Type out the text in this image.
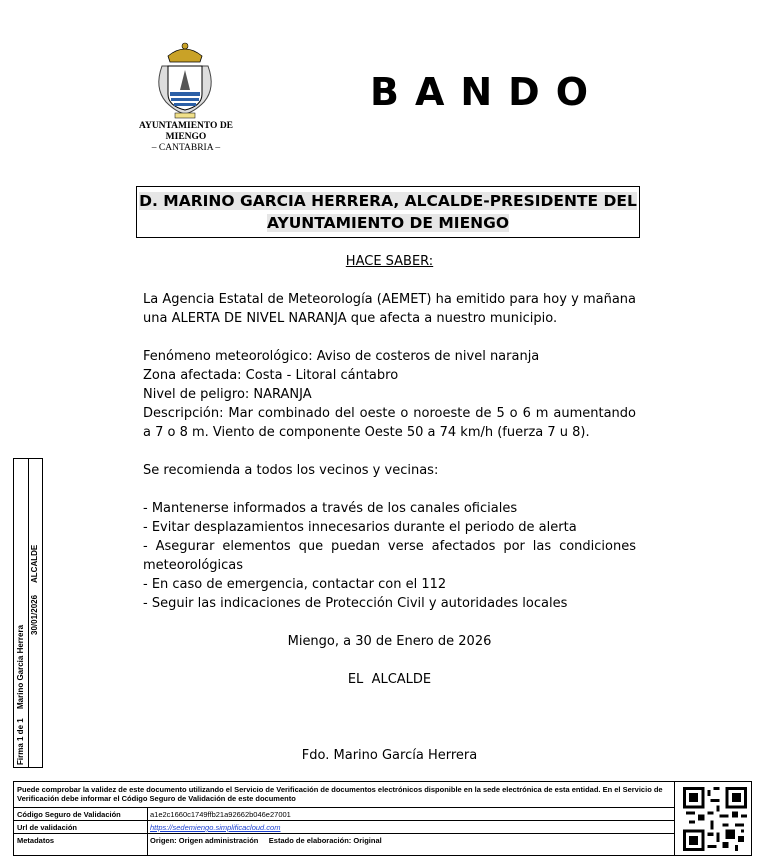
AYUNTAMIENTO DE MIENGO
– CANTABRIA –
BANDO
D. MARINO GARCIA HERRERA, ALCALDE-PRESIDENTE DEL
AYUNTAMIENTO DE MIENGO

HACE SABER:

La Agencia Estatal de Meteorología (AEMET) ha emitido para hoy y mañana una ALERTA DE NIVEL NARANJA que afecta a nuestro municipio.

Fenómeno meteorológico: Aviso de costeros de nivel naranja

Zona afectada: Costa - Litoral cántabro

Nivel de peligro: NARANJA

Descripción: Mar combinado del oeste o noroeste de 5 o 6 m aumentando a 7 o 8 m. Viento de componente Oeste 50 a 74 km/h (fuerza 7 u 8).

Se recomienda a todos los vecinos y vecinas:

- Mantenerse informados a través de los canales oficiales

- Evitar desplazamientos innecesarios durante el periodo de alerta

- Asegurar elementos que puedan verse afectados por las condiciones meteorológicas

- En caso de emergencia, contactar con el 112

- Seguir las indicaciones de Protección Civil y autoridades locales

Miengo, a 30 de Enero de 2026

EL  ALCALDE

Fdo. Marino García Herrera

Firma 1 de 1
Marino Garcia Herrera
30/01/2026
ALCALDE
Puede comprobar la validez de este documento utilizando el Servicio de Verificación de documentos electrónicos disponible en la sede electrónica de esta entidad. En el Servicio de Verificación debe informar el Código Seguro de Validación de este documento
Código Seguro de Validación	a1e2c1660c1749ffb21a92662b046e27001
Url de validación	https://sedemiengo.simplificacloud.com
Metadatos	Origen: Origen administración     Estado de elaboración: Original
